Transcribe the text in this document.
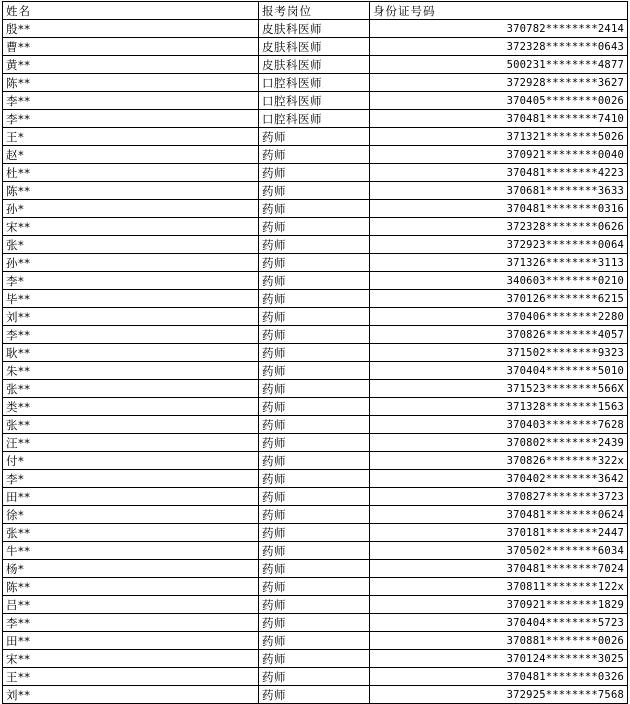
姓名	报考岗位	身份证号码
殷**	皮肤科医师	370782********2414
曹**	皮肤科医师	372328********0643
黄**	皮肤科医师	500231********4877
陈**	口腔科医师	372928********3627
李**	口腔科医师	370405********0026
李**	口腔科医师	370481********7410
王*	药师	371321********5026
赵*	药师	370921********0040
杜**	药师	370481********4223
陈**	药师	370681********3633
孙*	药师	370481********0316
宋**	药师	372328********0626
张*	药师	372923********0064
孙**	药师	371326********3113
李*	药师	340603********0210
毕**	药师	370126********6215
刘**	药师	370406********2280
李**	药师	370826********4057
耿**	药师	371502********9323
朱**	药师	370404********5010
张**	药师	371523********566X
类**	药师	371328********1563
张**	药师	370403********7628
汪**	药师	370802********2439
付*	药师	370826********322x
李*	药师	370402********3642
田**	药师	370827********3723
徐*	药师	370481********0624
张**	药师	370181********2447
牛**	药师	370502********6034
杨*	药师	370481********7024
陈**	药师	370811********122x
吕**	药师	370921********1829
李**	药师	370404********5723
田**	药师	370881********0026
宋**	药师	370124********3025
王**	药师	370481********0326
刘**	药师	372925********7568
